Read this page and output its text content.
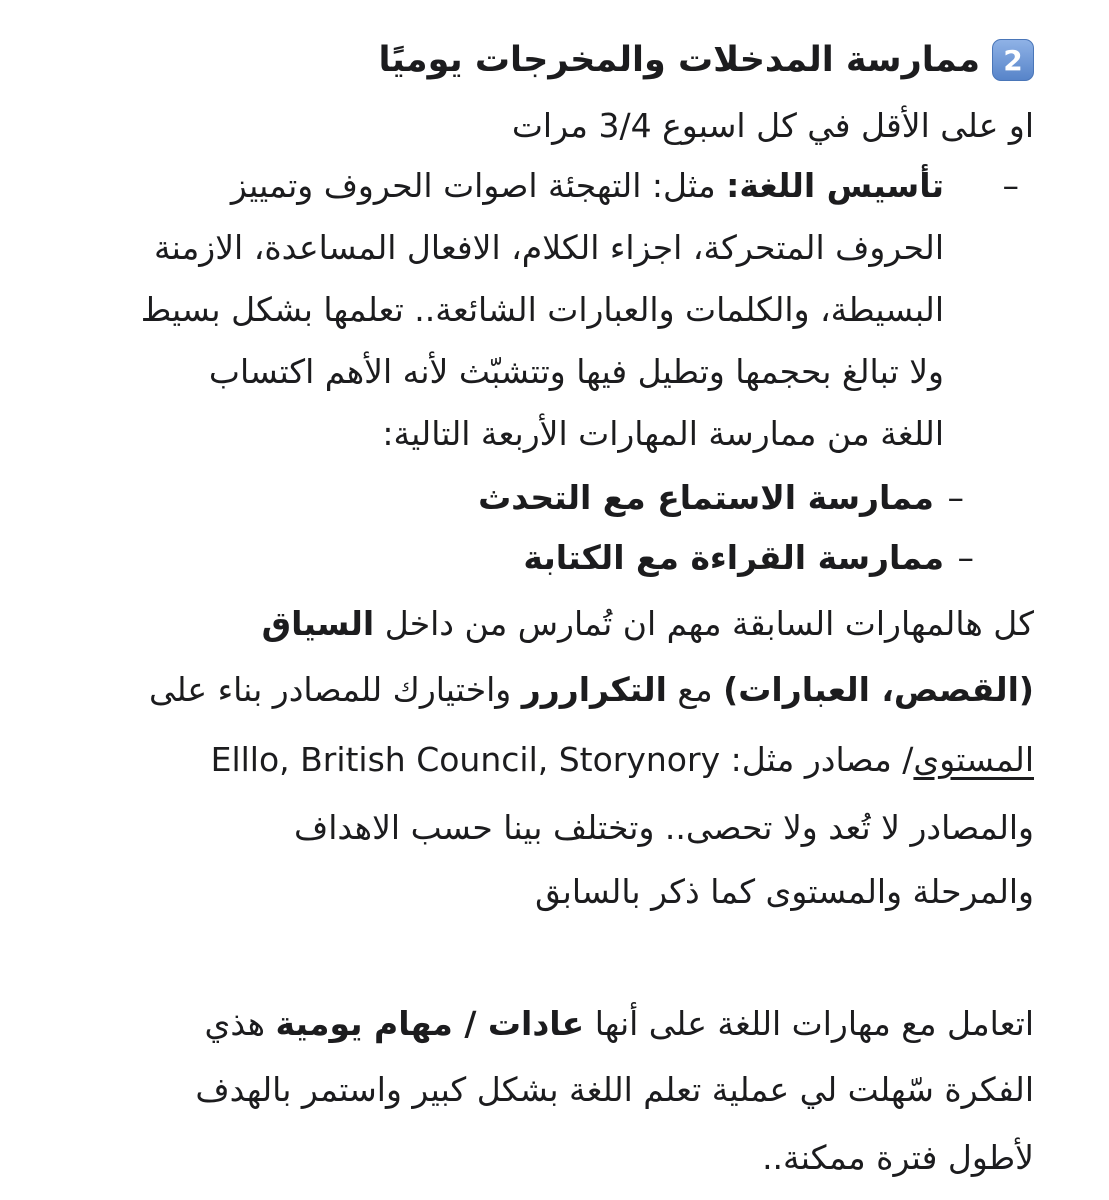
2
ممارسة المدخلات والمخرجات يوميًا
او على الأقل في كل اسبوع 3/4 مرات
–
تأسيس اللغة: مثل: التهجئة اصوات الحروف وتمييز
الحروف المتحركة، اجزاء الكلام، الافعال المساعدة، الازمنة
البسيطة، والكلمات والعبارات الشائعة.. تعلمها بشكل بسيط
ولا تبالغ بحجمها وتطيل فيها وتتشبّث لأنه الأهم اكتساب
اللغة من ممارسة المهارات الأربعة التالية:
–
ممارسة الاستماع مع التحدث
–
ممارسة القراءة مع الكتابة
كل هالمهارات السابقة مهم ان تُمارس من داخل السياق
(القصص، العبارات) مع التكراررر واختيارك للمصادر بناء على
المستوى/ مصادر مثل: Elllo, British Council, Storynory
والمصادر لا تُعد ولا تحصى.. وتختلف بينا حسب الاهداف
والمرحلة والمستوى كما ذكر بالسابق
اتعامل مع مهارات اللغة على أنها عادات / مهام يومية هذي
الفكرة سّهلت لي عملية تعلم اللغة بشكل كبير واستمر بالهدف
لأطول فترة ممكنة..
